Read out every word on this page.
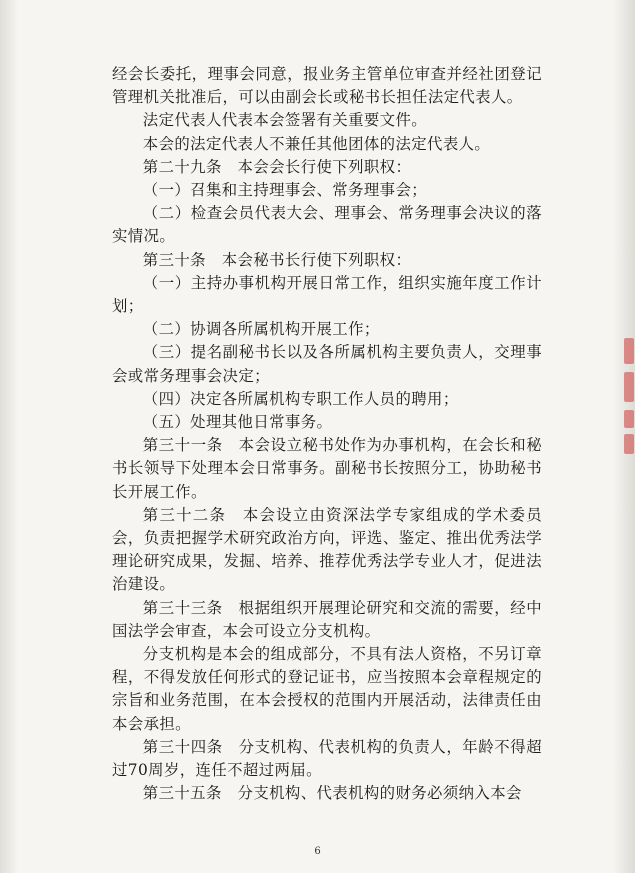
经会长委托，理事会同意，报业务主管单位审查并经社团登记管理机关批准后，可以由副会长或秘书长担任法定代表人。

法定代表人代表本会签署有关重要文件。

本会的法定代表人不兼任其他团体的法定代表人。

第二十九条　本会会长行使下列职权：

（一）召集和主持理事会、常务理事会；

（二）检查会员代表大会、理事会、常务理事会决议的落实情况。

第三十条　本会秘书长行使下列职权：

（一）主持办事机构开展日常工作，组织实施年度工作计划；

（二）协调各所属机构开展工作；

（三）提名副秘书长以及各所属机构主要负责人，交理事会或常务理事会决定；

（四）决定各所属机构专职工作人员的聘用；

（五）处理其他日常事务。

第三十一条　本会设立秘书处作为办事机构，在会长和秘书长领导下处理本会日常事务。副秘书长按照分工，协助秘书长开展工作。

第三十二条　本会设立由资深法学专家组成的学术委员会，负责把握学术研究政治方向，评选、鉴定、推出优秀法学理论研究成果，发掘、培养、推荐优秀法学专业人才，促进法治建设。

第三十三条　根据组织开展理论研究和交流的需要，经中国法学会审查，本会可设立分支机构。

分支机构是本会的组成部分，不具有法人资格，不另订章程，不得发放任何形式的登记证书，应当按照本会章程规定的宗旨和业务范围，在本会授权的范围内开展活动，法律责任由本会承担。

第三十四条　分支机构、代表机构的负责人，年龄不得超过70周岁，连任不超过两届。

第三十五条　分支机构、代表机构的财务必须纳入本会

6
